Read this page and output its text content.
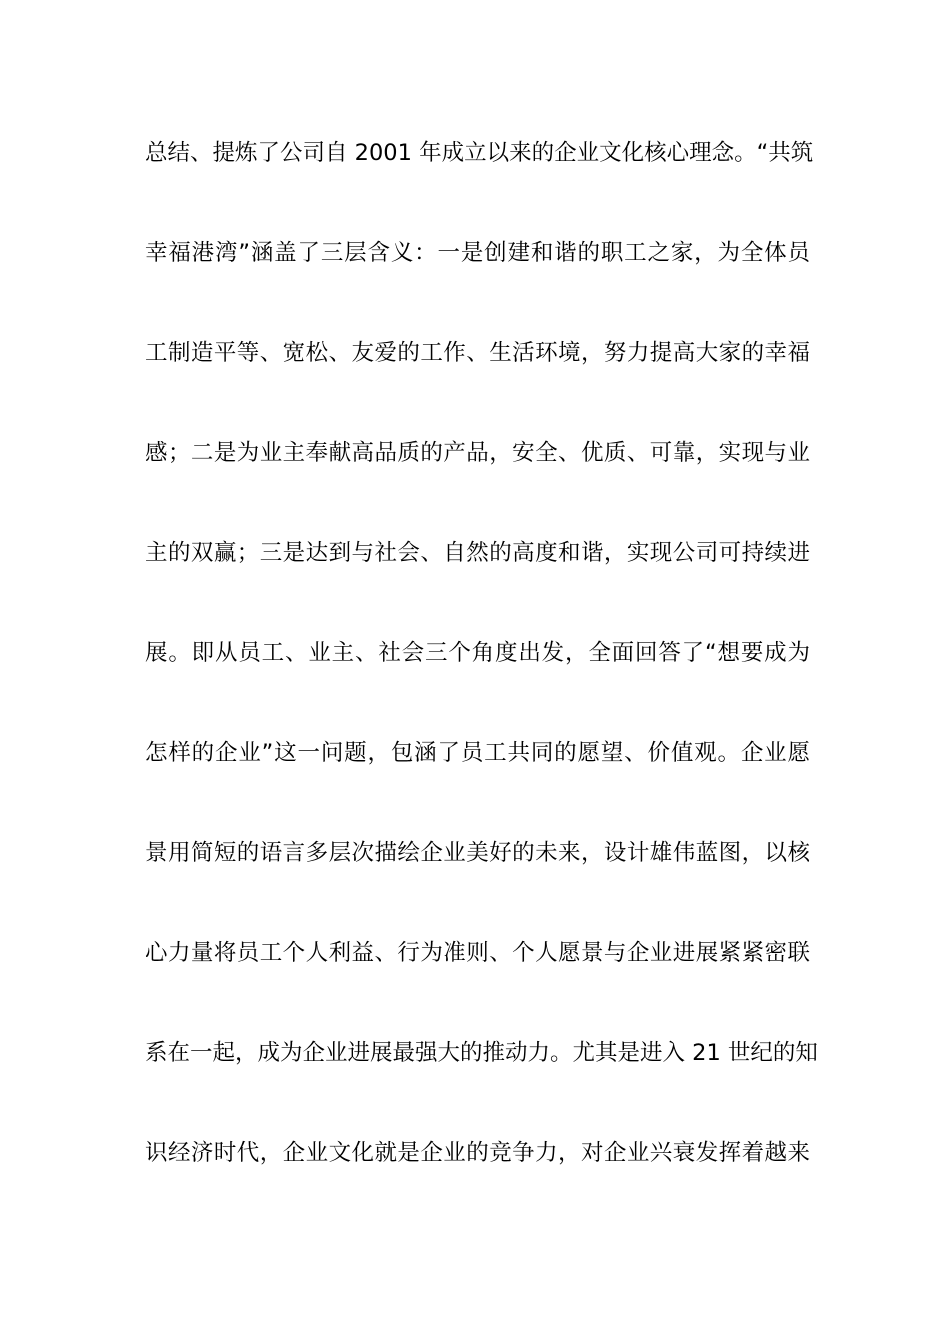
总结、提炼了公司自 2001 年成立以来的企业文化核心理念。“共筑
幸福港湾”涵盖了三层含义：一是创建和谐的职工之家，为全体员
工制造平等、宽松、友爱的工作、生活环境，努力提高大家的幸福
感；二是为业主奉献高品质的产品，安全、优质、可靠，实现与业
主的双赢；三是达到与社会、自然的高度和谐，实现公司可持续进
展。即从员工、业主、社会三个角度出发，全面回答了“想要成为
怎样的企业”这一问题，包涵了员工共同的愿望、价值观。企业愿
景用简短的语言多层次描绘企业美好的未来，设计雄伟蓝图，以核
心力量将员工个人利益、行为准则、个人愿景与企业进展紧紧密联
系在一起，成为企业进展最强大的推动力。尤其是进入 21 世纪的知
识经济时代，企业文化就是企业的竞争力，对企业兴衰发挥着越来
